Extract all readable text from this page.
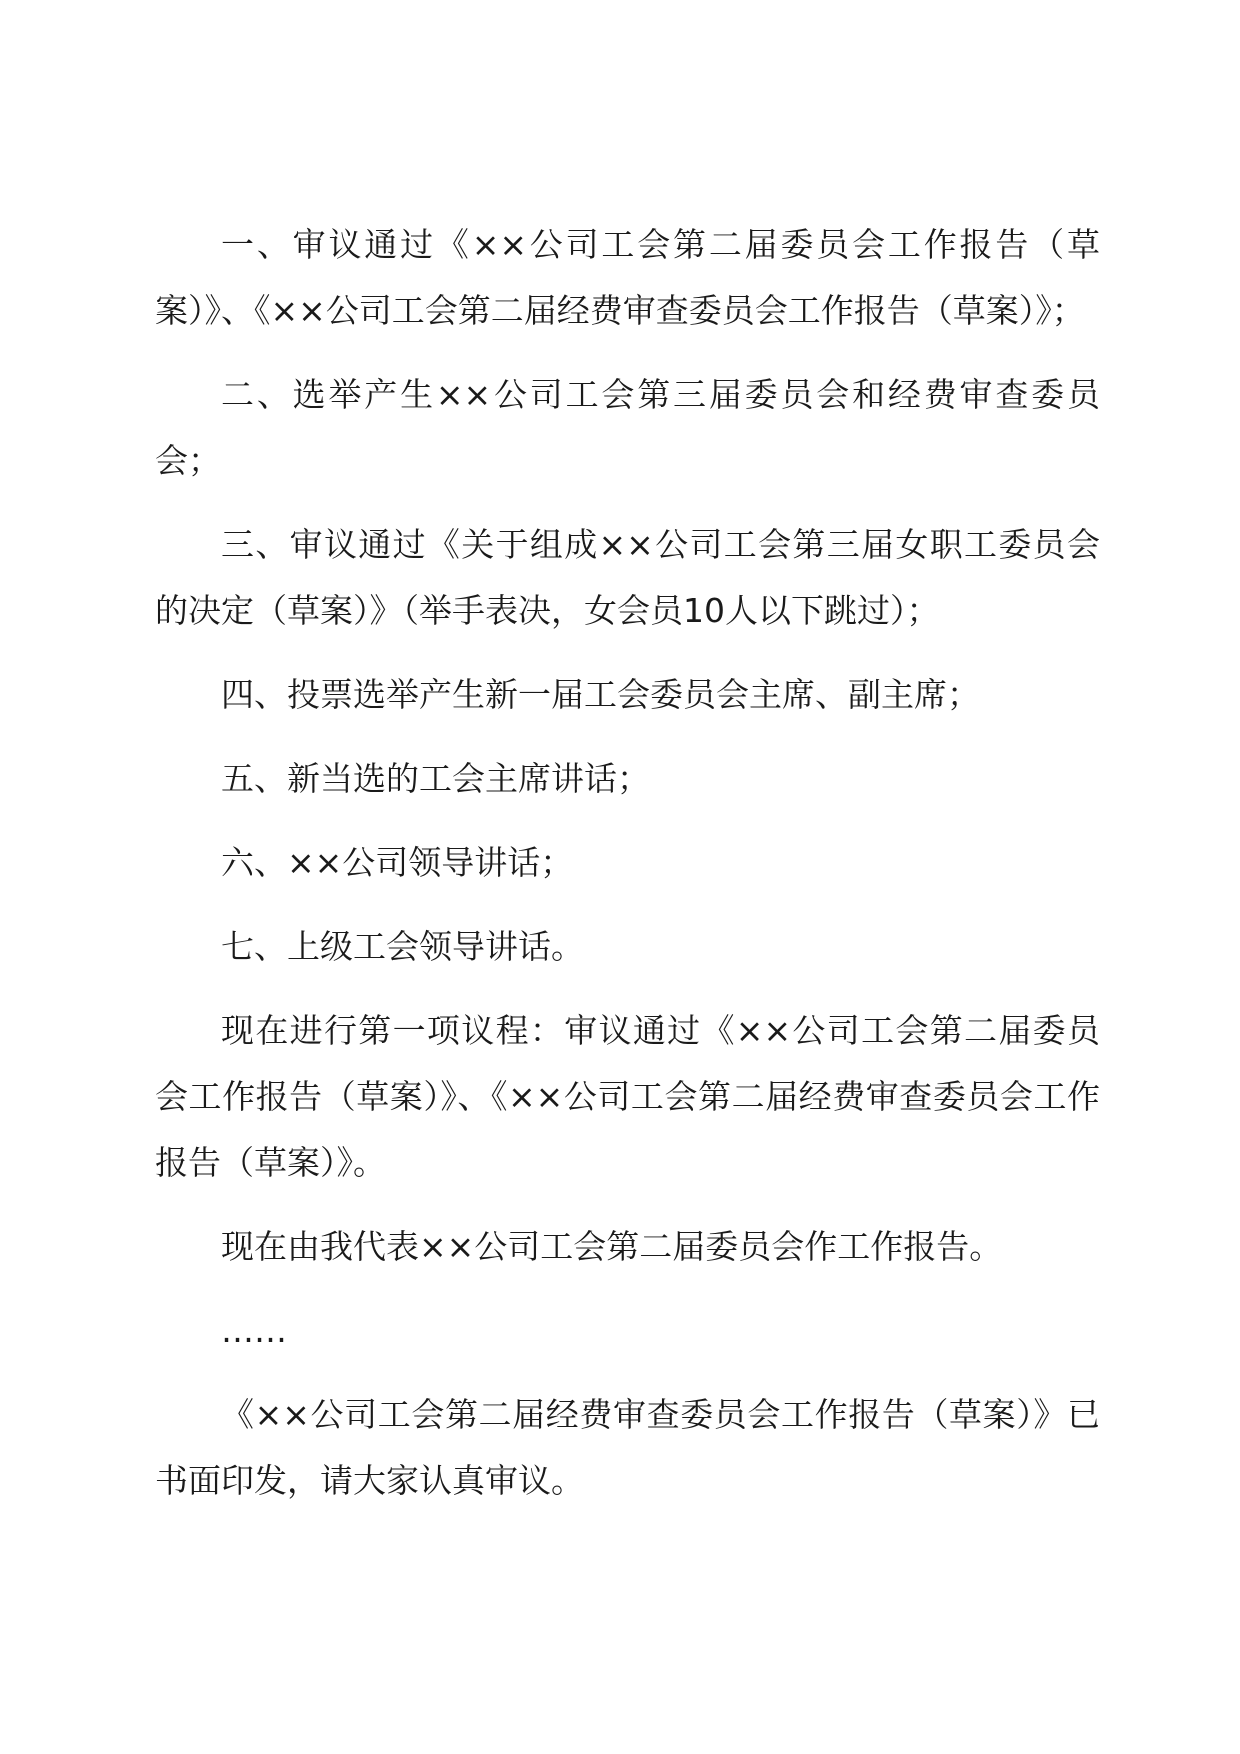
一、审议通过《××公司工会第二届委员会工作报告（草案）》、《××公司工会第二届经费审查委员会工作报告（草案）》；

二、选举产生××公司工会第三届委员会和经费审查委员会；

三、审议通过《关于组成××公司工会第三届女职工委员会的决定（草案）》（举手表决，女会员10人以下跳过）；

四、投票选举产生新一届工会委员会主席、副主席；

五、新当选的工会主席讲话；

六、××公司领导讲话；

七、上级工会领导讲话。

现在进行第一项议程：审议通过《××公司工会第二届委员会工作报告（草案）》、《××公司工会第二届经费审查委员会工作报告（草案）》。

现在由我代表××公司工会第二届委员会作工作报告。

……

《××公司工会第二届经费审查委员会工作报告（草案）》已书面印发，请大家认真审议。
